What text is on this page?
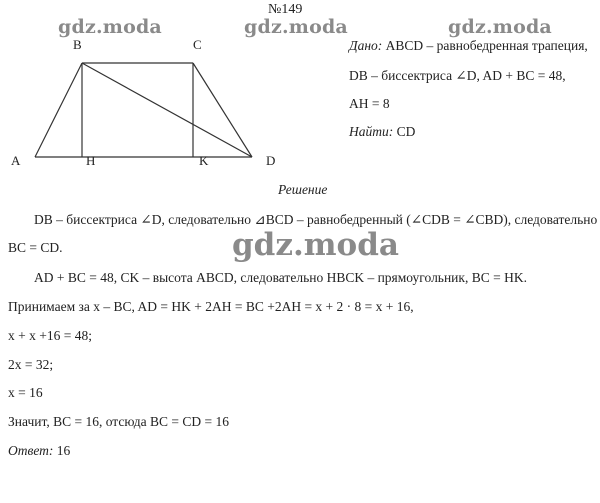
gdz.moda	gdz.moda	gdz.moda
№149
A
B	C
D
H	K
Дано: ABCD – равнобедренная трапеция,
DB – биссектриса ∠D, AD + BC = 48,
AH = 8
Найти: CD
Решение
gdz.moda
DB – биссектриса ∠D, следовательно ⊿BCD – равнобедренный (∠CDB = ∠CBD), следовательно
BC = CD.
AD + BC = 48, CK – высота ABCD, следовательно HBCK – прямоугольник, BC = HK.
Принимаем за x – BC, AD = HK + 2AH = BC +2AH = x + 2 · 8 = x + 16,
x + x +16 = 48;
2x = 32;
x = 16
Значит, BC = 16, отсюда BC = CD = 16
Ответ: 16
